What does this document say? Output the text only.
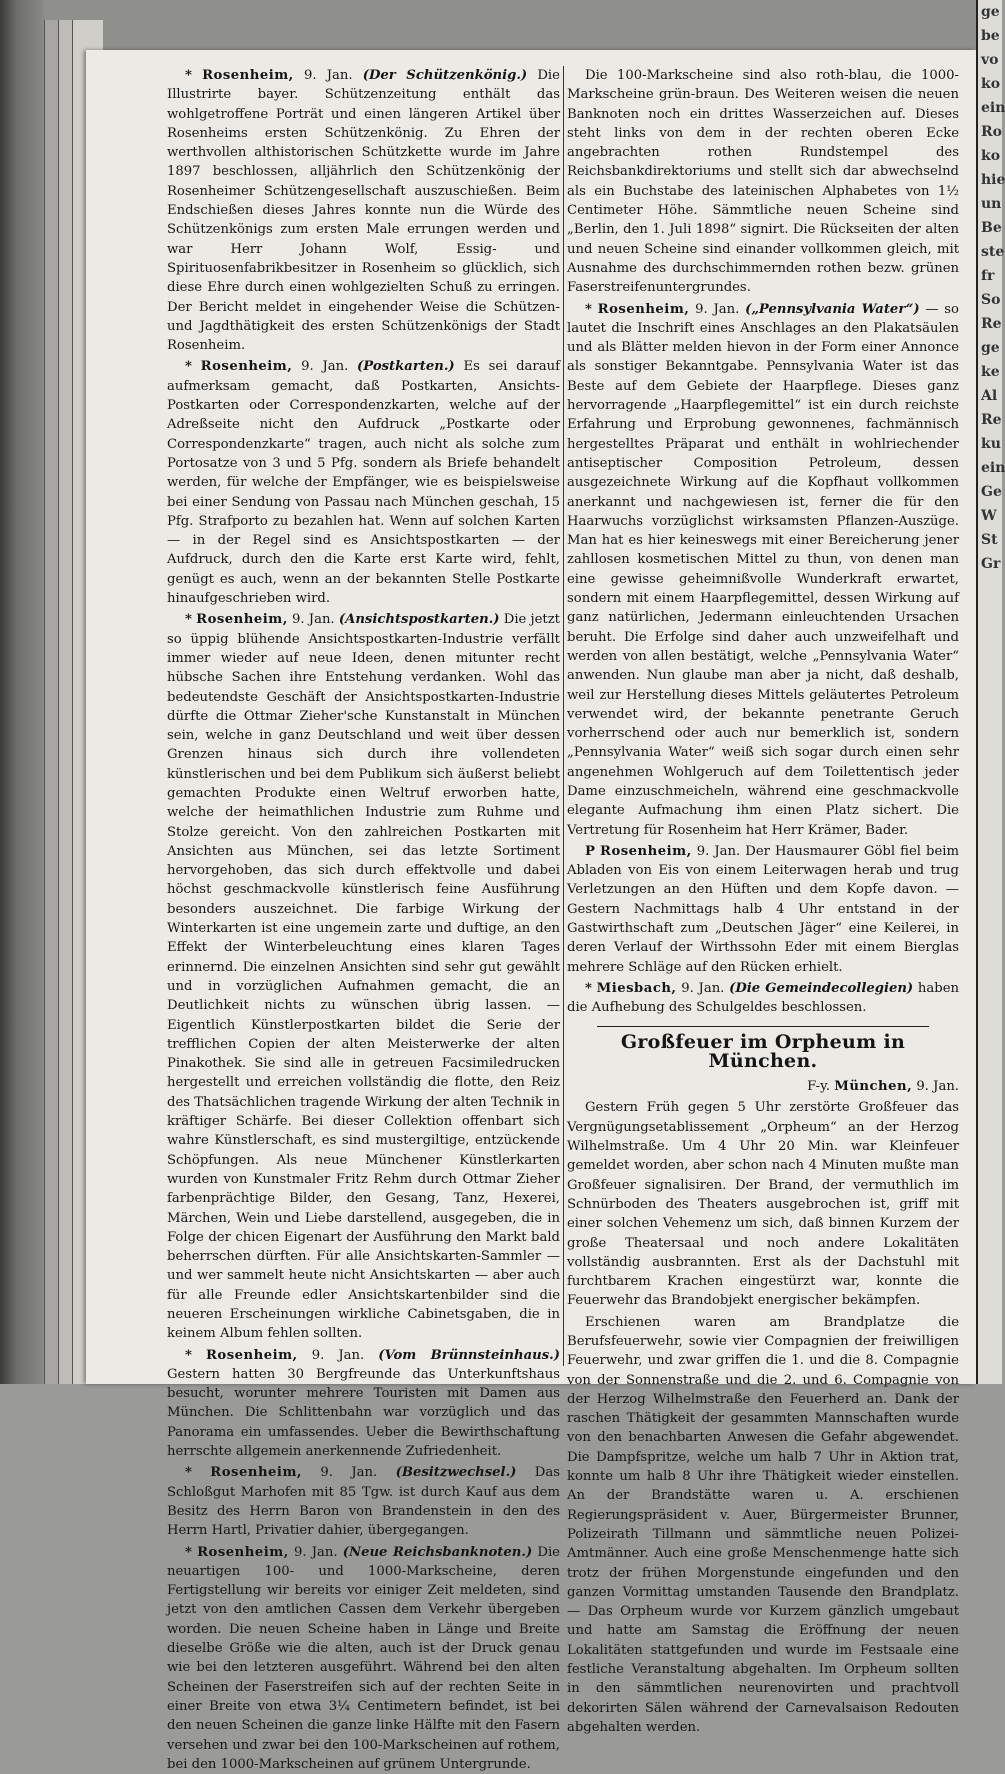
* Rosenheim, 9. Jan. (Der Schützenkönig.) Die Illustrirte bayer. Schützenzeitung enthält das wohlgetroffene Porträt und einen längeren Artikel über Rosenheims ersten Schützenkönig. Zu Ehren der werthvollen althistorischen Schützkette wurde im Jahre 1897 beschlossen, alljährlich den Schützenkönig der Rosenheimer Schützengesellschaft auszuschießen. Beim Endschießen dieses Jahres konnte nun die Würde des Schützenkönigs zum ersten Male errungen werden und war Herr Johann Wolf, Essig- und Spirituosenfabrikbesitzer in Rosenheim so glücklich, sich diese Ehre durch einen wohlgezielten Schuß zu erringen. Der Bericht meldet in eingehender Weise die Schützen- und Jagdthätigkeit des ersten Schützenkönigs der Stadt Rosenheim.

* Rosenheim, 9. Jan. (Postkarten.) Es sei darauf aufmerksam gemacht, daß Postkarten, Ansichts-Postkarten oder Correspondenzkarten, welche auf der Adreßseite nicht den Aufdruck „Postkarte oder Correspondenzkarte“ tragen, auch nicht als solche zum Portosatze von 3 und 5 Pfg. sondern als Briefe behandelt werden, für welche der Empfänger, wie es beispielsweise bei einer Sendung von Passau nach München geschah, 15 Pfg. Strafporto zu bezahlen hat. Wenn auf solchen Karten — in der Regel sind es Ansichtspostkarten — der Aufdruck, durch den die Karte erst Karte wird, fehlt, genügt es auch, wenn an der bekannten Stelle Postkarte hinaufgeschrieben wird.

* Rosenheim, 9. Jan. (Ansichtspostkarten.) Die jetzt so üppig blühende Ansichtspostkarten-Industrie verfällt immer wieder auf neue Ideen, denen mitunter recht hübsche Sachen ihre Entstehung verdanken. Wohl das bedeutendste Geschäft der Ansichtspostkarten-Industrie dürfte die Ottmar Zieher'sche Kunstanstalt in München sein, welche in ganz Deutschland und weit über dessen Grenzen hinaus sich durch ihre vollendeten künstlerischen und bei dem Publikum sich äußerst beliebt gemachten Produkte einen Weltruf erworben hatte, welche der heimathlichen Industrie zum Ruhme und Stolze gereicht. Von den zahlreichen Postkarten mit Ansichten aus München, sei das letzte Sortiment hervorgehoben, das sich durch effektvolle und dabei höchst geschmackvolle künstlerisch feine Ausführung besonders auszeichnet. Die farbige Wirkung der Winterkarten ist eine ungemein zarte und duftige, an den Effekt der Winterbeleuchtung eines klaren Tages erinnernd. Die einzelnen Ansichten sind sehr gut gewählt und in vorzüglichen Aufnahmen gemacht, die an Deutlichkeit nichts zu wünschen übrig lassen. — Eigentlich Künstlerpostkarten bildet die Serie der trefflichen Copien der alten Meisterwerke der alten Pinakothek. Sie sind alle in getreuen Facsimiledrucken hergestellt und erreichen vollständig die flotte, den Reiz des Thatsächlichen tragende Wirkung der alten Technik in kräftiger Schärfe. Bei dieser Collektion offenbart sich wahre Künstlerschaft, es sind mustergiltige, entzückende Schöpfungen. Als neue Münchener Künstlerkarten wurden von Kunstmaler Fritz Rehm durch Ottmar Zieher farbenprächtige Bilder, den Gesang, Tanz, Hexerei, Märchen, Wein und Liebe darstellend, ausgegeben, die in Folge der chicen Eigenart der Ausführung den Markt bald beherrschen dürften. Für alle Ansichtskarten-Sammler — und wer sammelt heute nicht Ansichtskarten — aber auch für alle Freunde edler Ansichtskartenbilder sind die neueren Erscheinungen wirkliche Cabinetsgaben, die in keinem Album fehlen sollten.

* Rosenheim, 9. Jan. (Vom Brünnsteinhaus.) Gestern hatten 30 Bergfreunde das Unterkunftshaus besucht, worunter mehrere Touristen mit Damen aus München. Die Schlittenbahn war vorzüglich und das Panorama ein umfassendes. Ueber die Bewirthschaftung herrschte allgemein anerkennende Zufriedenheit.

* Rosenheim, 9. Jan. (Besitzwechsel.) Das Schloßgut Marhofen mit 85 Tgw. ist durch Kauf aus dem Besitz des Herrn Baron von Brandenstein in den des Herrn Hartl, Privatier dahier, übergegangen.

* Rosenheim, 9. Jan. (Neue Reichsbanknoten.) Die neuartigen 100- und 1000-Markscheine, deren Fertigstellung wir bereits vor einiger Zeit meldeten, sind jetzt von den amtlichen Cassen dem Verkehr übergeben worden. Die neuen Scheine haben in Länge und Breite dieselbe Größe wie die alten, auch ist der Druck genau wie bei den letzteren ausgeführt. Während bei den alten Scheinen der Faserstreifen sich auf der rechten Seite in einer Breite von etwa 3¼ Centimetern befindet, ist bei den neuen Scheinen die ganze linke Hälfte mit den Fasern versehen und zwar bei den 100-Markscheinen auf rothem, bei den 1000-Markscheinen auf grünem Untergrunde.

Die 100-Markscheine sind also roth-blau, die 1000-Markscheine grün-braun. Des Weiteren weisen die neuen Banknoten noch ein drittes Wasserzeichen auf. Dieses steht links von dem in der rechten oberen Ecke angebrachten rothen Rundstempel des Reichsbankdirektoriums und stellt sich dar abwechselnd als ein Buchstabe des lateinischen Alphabetes von 1½ Centimeter Höhe. Sämmtliche neuen Scheine sind „Berlin, den 1. Juli 1898“ signirt. Die Rückseiten der alten und neuen Scheine sind einander vollkommen gleich, mit Ausnahme des durchschimmernden rothen bezw. grünen Faserstreifenuntergrundes.

* Rosenheim, 9. Jan. („Pennsylvania Water“) — so lautet die Inschrift eines Anschlages an den Plakatsäulen und als Blätter melden hievon in der Form einer Annonce als sonstiger Bekanntgabe. Pennsylvania Water ist das Beste auf dem Gebiete der Haarpflege. Dieses ganz hervorragende „Haarpflegemittel“ ist ein durch reichste Erfahrung und Erprobung gewonnenes, fachmännisch hergestelltes Präparat und enthält in wohlriechender antiseptischer Composition Petroleum, dessen ausgezeichnete Wirkung auf die Kopfhaut vollkommen anerkannt und nachgewiesen ist, ferner die für den Haarwuchs vorzüglichst wirksamsten Pflanzen-Auszüge. Man hat es hier keineswegs mit einer Bereicherung jener zahllosen kosmetischen Mittel zu thun, von denen man eine gewisse geheimnißvolle Wunderkraft erwartet, sondern mit einem Haarpflegemittel, dessen Wirkung auf ganz natürlichen, Jedermann einleuchtenden Ursachen beruht. Die Erfolge sind daher auch unzweifelhaft und werden von allen bestätigt, welche „Pennsylvania Water“ anwenden. Nun glaube man aber ja nicht, daß deshalb, weil zur Herstellung dieses Mittels geläutertes Petroleum verwendet wird, der bekannte penetrante Geruch vorherrschend oder auch nur bemerklich ist, sondern „Pennsylvania Water“ weiß sich sogar durch einen sehr angenehmen Wohlgeruch auf dem Toilettentisch jeder Dame einzuschmeicheln, während eine geschmackvolle elegante Aufmachung ihm einen Platz sichert. Die Vertretung für Rosenheim hat Herr Krämer, Bader.

P Rosenheim, 9. Jan. Der Hausmaurer Göbl fiel beim Abladen von Eis von einem Leiterwagen herab und trug Verletzungen an den Hüften und dem Kopfe davon. — Gestern Nachmittags halb 4 Uhr entstand in der Gastwirthschaft zum „Deutschen Jäger“ eine Keilerei, in deren Verlauf der Wirthssohn Eder mit einem Bierglas mehrere Schläge auf den Rücken erhielt.

* Miesbach, 9. Jan. (Die Gemeindecollegien) haben die Aufhebung des Schulgeldes beschlossen.

Großfeuer im Orpheum in München.

F-y. München, 9. Jan.

Gestern Früh gegen 5 Uhr zerstörte Großfeuer das Vergnügungsetablissement „Orpheum“ an der Herzog Wilhelmstraße. Um 4 Uhr 20 Min. war Kleinfeuer gemeldet worden, aber schon nach 4 Minuten mußte man Großfeuer signalisiren. Der Brand, der vermuthlich im Schnürboden des Theaters ausgebrochen ist, griff mit einer solchen Vehemenz um sich, daß binnen Kurzem der große Theatersaal und noch andere Lokalitäten vollständig ausbrannten. Erst als der Dachstuhl mit furchtbarem Krachen eingestürzt war, konnte die Feuerwehr das Brandobjekt energischer bekämpfen.

Erschienen waren am Brandplatze die Berufsfeuerwehr, sowie vier Compagnien der freiwilligen Feuerwehr, und zwar griffen die 1. und die 8. Compagnie von der Sonnenstraße und die 2. und 6. Compagnie von der Herzog Wilhelmstraße den Feuerherd an. Dank der raschen Thätigkeit der gesammten Mannschaften wurde von den benachbarten Anwesen die Gefahr abgewendet. Die Dampfspritze, welche um halb 7 Uhr in Aktion trat, konnte um halb 8 Uhr ihre Thätigkeit wieder einstellen. An der Brandstätte waren u. A. erschienen Regierungspräsident v. Auer, Bürgermeister Brunner, Polizeirath Tillmann und sämmtliche neuen Polizei-Amtmänner. Auch eine große Menschenmenge hatte sich trotz der frühen Morgenstunde eingefunden und den ganzen Vormittag umstanden Tausende den Brandplatz. — Das Orpheum wurde vor Kurzem gänzlich umgebaut und hatte am Samstag die Eröffnung der neuen Lokalitäten stattgefunden und wurde im Festsaale eine festliche Veranstaltung abgehalten. Im Orpheum sollten in den sämmtlichen neurenovirten und prachtvoll dekorirten Sälen während der Carnevalsaison Redouten abgehalten werden.

ge
be
vo
ko
ein
Ro
ko
hie
un
Be
ste
fr
So
Re
ge
ke
Al
Re
ku
ein
Ge
W
St
Gr
